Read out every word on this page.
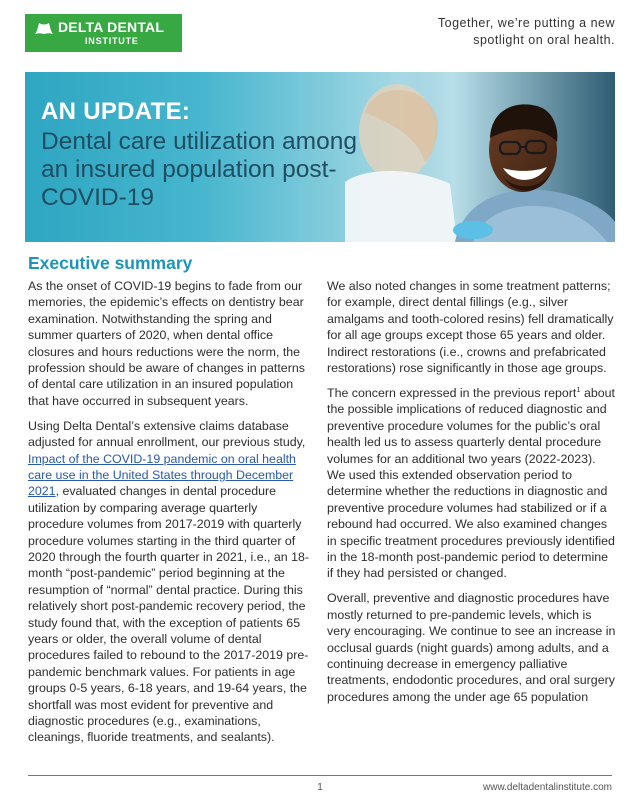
DELTA DENTAL
INSTITUTE
Together, we’re putting a new spotlight on oral health.
AN UPDATE:
Dental care utilization among an insured population post-COVID-19
Executive summary

As the onset of COVID-19 begins to fade from our memories, the epidemic’s effects on dentistry bear examination. Notwithstanding the spring and summer quarters of 2020, when dental office closures and hours reductions were the norm, the profession should be aware of changes in patterns of dental care utilization in an insured population that have occurred in subsequent years.

Using Delta Dental’s extensive claims database adjusted for annual enrollment, our previous study, Impact of the COVID-19 pandemic on oral health care use in the United States through December 2021, evaluated changes in dental procedure utilization by comparing average quarterly procedure volumes from 2017-2019 with quarterly procedure volumes starting in the third quarter of 2020 through the fourth quarter in 2021, i.e., an 18-month “post-pandemic” period beginning at the resumption of “normal” dental practice. During this relatively short post-pandemic recovery period, the study found that, with the exception of patients 65 years or older, the overall volume of dental procedures failed to rebound to the 2017-2019 pre-pandemic benchmark values. For patients in age groups 0-5 years, 6-18 years, and 19-64 years, the shortfall was most evident for preventive and diagnostic procedures (e.g., examinations, cleanings, fluoride treatments, and sealants).

We also noted changes in some treatment patterns; for example, direct dental fillings (e.g., silver amalgams and tooth-colored resins) fell dramatically for all age groups except those 65 years and older. Indirect restorations (i.e., crowns and prefabricated restorations) rose significantly in those age groups.

The concern expressed in the previous report$^1$ about the possible implications of reduced diagnostic and preventive procedure volumes for the public’s oral health led us to assess quarterly dental procedure volumes for an additional two years (2022-2023). We used this extended observation period to determine whether the reductions in diagnostic and preventive procedure volumes had stabilized or if a rebound had occurred. We also examined changes in specific treatment procedures previously identified in the 18-month post-pandemic period to determine if they had persisted or changed.

Overall, preventive and diagnostic procedures have mostly returned to pre-pandemic levels, which is very encouraging. We continue to see an increase in occlusal guards (night guards) among adults, and a continuing decrease in emergency palliative treatments, endodontic procedures, and oral surgery procedures among the under age 65 population

1	www.deltadentalinstitute.com
